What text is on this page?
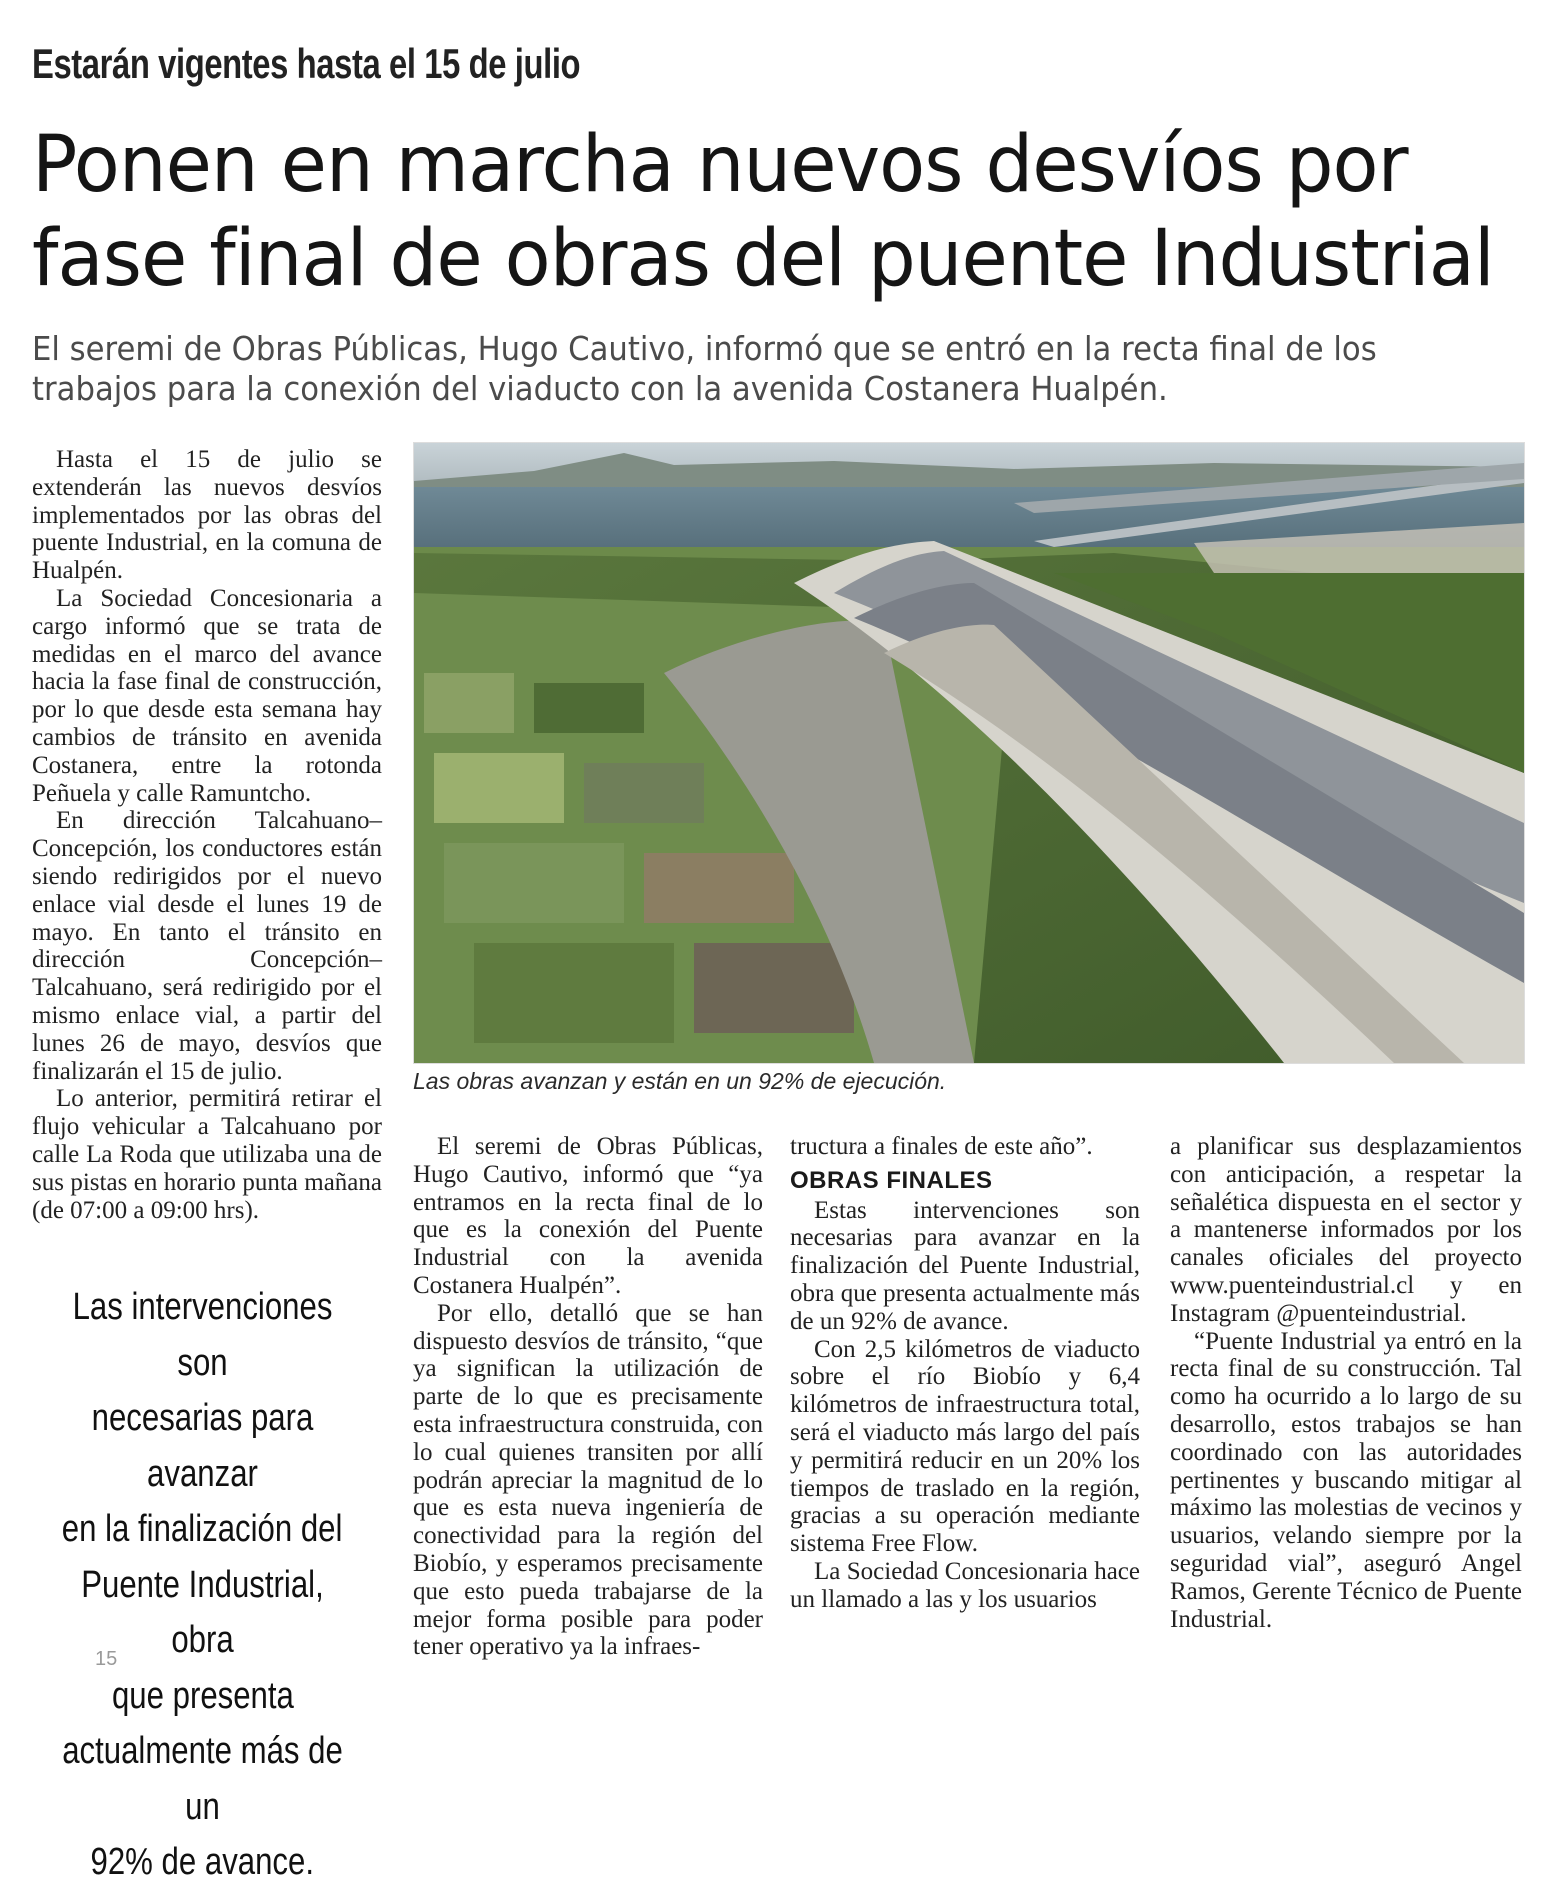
Estarán vigentes hasta el 15 de julio
Ponen en marcha nuevos desvíos por
fase final de obras del puente Industrial
El seremi de Obras Públicas, Hugo Cautivo, informó que se entró en la recta final de los
trabajos para la conexión del viaducto con la avenida Costanera Hualpén.

Hasta el 15 de julio se extenderán las nuevos desvíos implementados por las obras del puente Industrial, en la comuna de Hualpén.

La Sociedad Concesionaria a cargo informó que se trata de medidas en el marco del avance hacia la fase final de construcción, por lo que desde esta semana hay cambios de tránsito en avenida Costanera, entre la rotonda Peñuela y calle Ramuntcho.

En dirección Talcahuano–Concepción, los conductores están siendo redirigidos por el nuevo enlace vial desde el lunes 19 de mayo. En tanto el tránsito en dirección Concepción–Talcahuano, será redirigido por el mismo enlace vial, a partir del lunes 26 de mayo, desvíos que finalizarán el 15 de julio.

Lo anterior, permitirá retirar el flujo vehicular a Talcahuano por calle La Roda que utilizaba una de sus pistas en horario punta mañana (de 07:00 a 09:00 hrs).

Las obras avanzan y están en un 92% de ejecución.
Las intervenciones son
necesarias para avanzar
en la finalización del
Puente Industrial, obra
que presenta
actualmente más de un
92% de avance.

El seremi de Obras Públicas, Hugo Cautivo, informó que “ya entramos en la recta final de lo que es la conexión del Puente Industrial con la avenida Costanera Hualpén”.

Por ello, detalló que se han dispuesto desvíos de tránsito, “que ya significan la utilización de parte de lo que es precisamente esta infraestructura construida, con lo cual quienes transiten por allí podrán apreciar la magnitud de lo que es esta nueva ingeniería de conectividad para la región del Biobío, y esperamos precisamente que esto pueda trabajarse de la mejor forma posible para poder tener operativo ya la infraes-

tructura a finales de este año”.

OBRAS FINALES

Estas intervenciones son necesarias para avanzar en la finalización del Puente Industrial, obra que presenta actualmente más de un 92% de avance.

Con 2,5 kilómetros de viaducto sobre el río Biobío y 6,4 kilómetros de infraestructura total, será el viaducto más largo del país y permitirá reducir en un 20% los tiempos de traslado en la región, gracias a su operación mediante sistema Free Flow.

La Sociedad Concesionaria hace un llamado a las y los usuarios

a planificar sus desplazamientos con anticipación, a respetar la señalética dispuesta en el sector y a mantenerse informados por los canales oficiales del proyecto www.puenteindustrial.cl y en Instagram @puenteindustrial.

“Puente Industrial ya entró en la recta final de su construcción. Tal como ha ocurrido a lo largo de su desarrollo, estos trabajos se han coordinado con las autoridades pertinentes y buscando mitigar al máximo las molestias de vecinos y usuarios, velando siempre por la seguridad vial”, aseguró Angel Ramos, Gerente Técnico de Puente Industrial.

15
